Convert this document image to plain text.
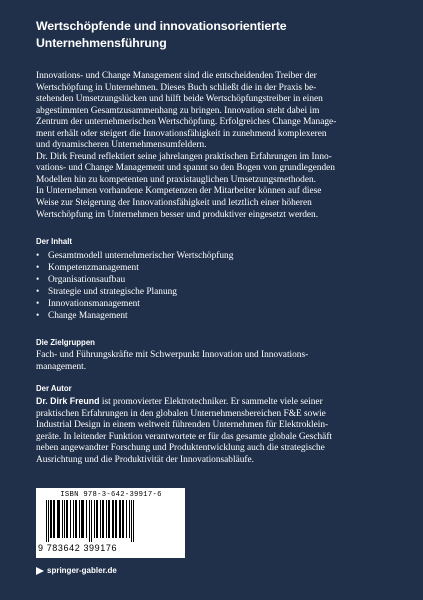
Wertschöpfende und innovationsorientierte
Unternehmensführung

Innovations- und Change Management sind die entscheidenden Treiber der

Wertschöpfung in Unternehmen. Dieses Buch schließt die in der Praxis be-

stehenden Umsetzungslücken und hilft beide Wertschöpfungstreiber in einen

abgestimmten Gesamtzusammenhang zu bringen. Innovation steht dabei im

Zentrum der unternehmerischen Wertschöpfung. Erfolgreiches Change Manage-

ment erhält oder steigert die Innovationsfähigkeit in zunehmend komplexeren

und dynamischeren Unternehmensumfeldern.

Dr. Dirk Freund reflektiert seine jahrelangen praktischen Erfahrungen im Inno-

vations- und Change Management und spannt so den Bogen von grundlegenden

Modellen hin zu kompetenten und praxistauglichen Umsetzungsmethoden.

In Unternehmen vorhandene Kompetenzen der Mitarbeiter können auf diese

Weise zur Steigerung der Innovationsfähigkeit und letztlich einer höheren

Wertschöpfung im Unternehmen besser und produktiver eingesetzt werden.

Der Inhalt
• Gesamtmodell unternehmerischer Wertschöpfung
• Kompetenzmanagement
• Organisationsaufbau
• Strategie und strategische Planung
• Innovationsmanagement
• Change Management
Die Zielgruppen

Fach- und Führungskräfte mit Schwerpunkt Innovation und Innovations-

management.

Der Autor

Dr. Dirk Freund ist promovierter Elektrotechniker. Er sammelte viele seiner

praktischen Erfahrungen in den globalen Unternehmensbereichen F&E sowie

Industrial Design in einem weltweit führenden Unternehmen für Elektroklein-

geräte. In leitender Funktion verantwortete er für das gesamte globale Geschäft

neben angewandter Forschung und Produktentwicklung auch die strategische

Ausrichtung und die Produktivität der Innovationsabläufe.

ISBN 978-3-642-39917-6
9 783642 399176
springer-gabler.de
